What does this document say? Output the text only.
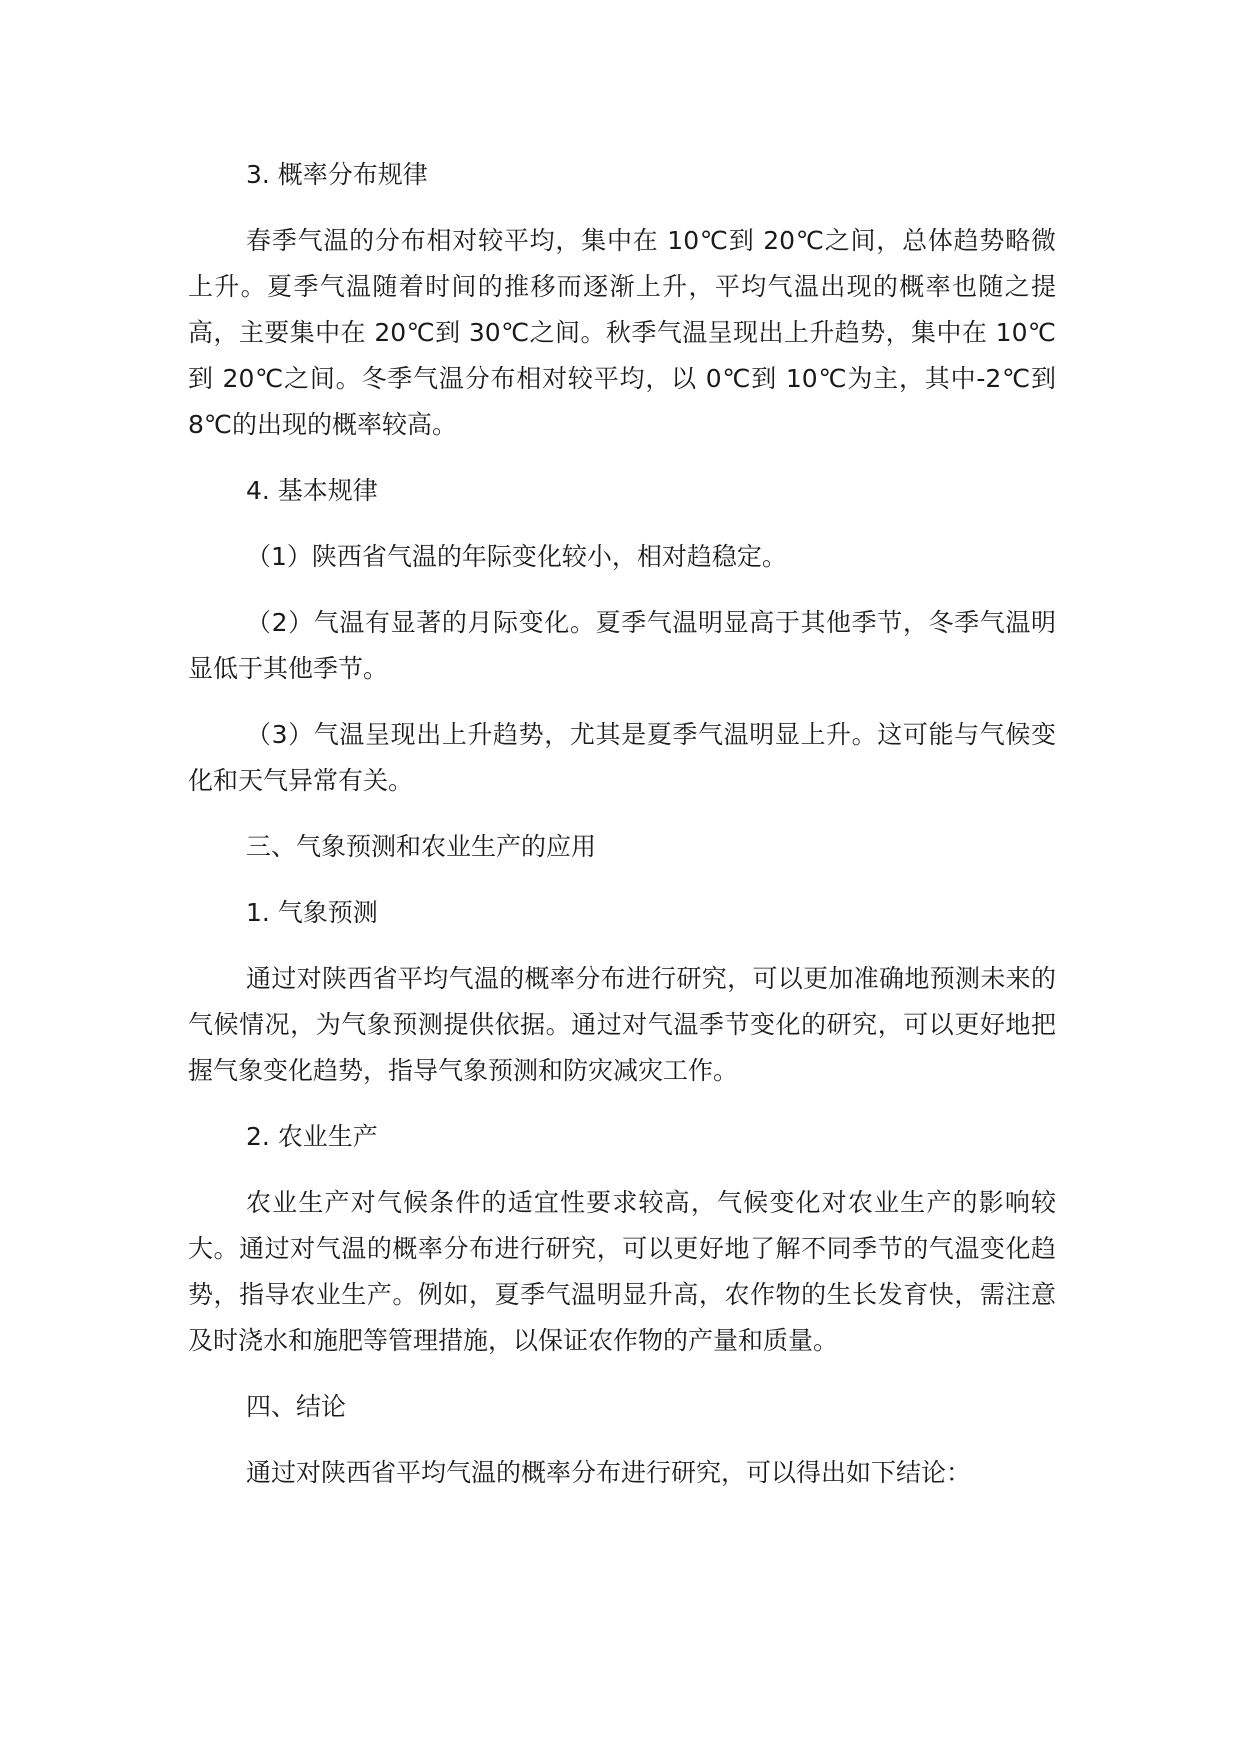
3. 概率分布规律

春季气温的分布相对较平均，集中在 10℃到 20℃之间，总体趋势略微上升。夏季气温随着时间的推移而逐渐上升，平均气温出现的概率也随之提高，主要集中在 20℃到 30℃之间。秋季气温呈现出上升趋势，集中在 10℃到 20℃之间。冬季气温分布相对较平均，以 0℃到 10℃为主，其中-2℃到 8℃的出现的概率较高。

4. 基本规律

（1）陕西省气温的年际变化较小，相对趋稳定。

（2）气温有显著的月际变化。夏季气温明显高于其他季节，冬季气温明显低于其他季节。

（3）气温呈现出上升趋势，尤其是夏季气温明显上升。这可能与气候变化和天气异常有关。

三、气象预测和农业生产的应用

1. 气象预测

通过对陕西省平均气温的概率分布进行研究，可以更加准确地预测未来的气候情况，为气象预测提供依据。通过对气温季节变化的研究，可以更好地把握气象变化趋势，指导气象预测和防灾减灾工作。

2. 农业生产

农业生产对气候条件的适宜性要求较高，气候变化对农业生产的影响较大。通过对气温的概率分布进行研究，可以更好地了解不同季节的气温变化趋势，指导农业生产。例如，夏季气温明显升高，农作物的生长发育快，需注意及时浇水和施肥等管理措施，以保证农作物的产量和质量。

四、结论

通过对陕西省平均气温的概率分布进行研究，可以得出如下结论：
